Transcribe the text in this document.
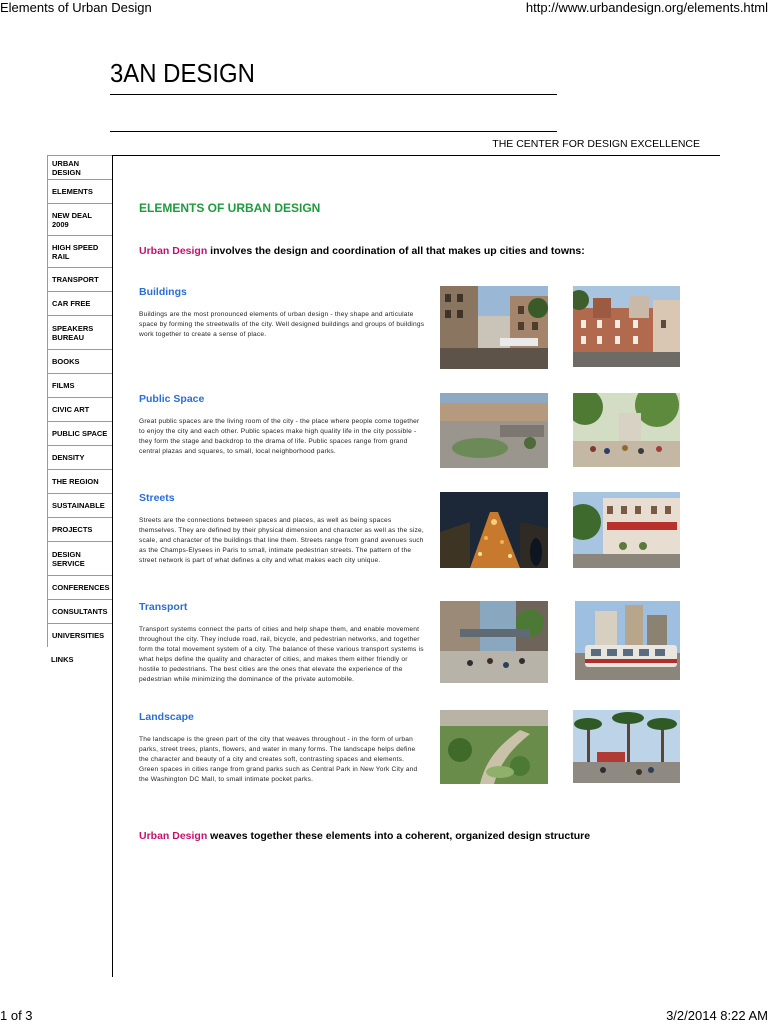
Elements of Urban Design	http://www.urbandesign.org/elements.html
3AN DESIGN
THE CENTER FOR DESIGN EXCELLENCE
URBAN DESIGN
ELEMENTS
NEW DEAL 2009
HIGH SPEED RAIL
TRANSPORT
CAR FREE
SPEAKERS BUREAU
BOOKS
FILMS
CIVIC ART
PUBLIC SPACE
DENSITY
THE REGION
SUSTAINABLE
PROJECTS
DESIGN SERVICE
CONFERENCES
CONSULTANTS
UNIVERSITIES
LINKS
ELEMENTS OF URBAN DESIGN
Urban Design involves the design and coordination of all that makes up cities and towns:
Buildings
Buildings are the most pronounced elements of urban design - they shape and articulate space by forming the streetwalls of the city. Well designed buildings and groups of buildings work together to create a sense of place.
Public Space
Great public spaces are the living room of the city - the place where people come together to enjoy the city and each other. Public spaces make high quality life in the city possible - they form the stage and backdrop to the drama of life. Public spaces range from grand central plazas and squares, to small, local neighborhood parks.
Streets
Streets are the connections between spaces and places, as well as being spaces themselves. They are defined by their physical dimension and character as well as the size, scale, and character of the buildings that line them. Streets range from grand avenues such as the Champs-Elysees in Paris to small, intimate pedestrian streets. The pattern of the street network is part of what defines a city and what makes each city unique.
Transport
Transport systems connect the parts of cities and help shape them, and enable movement throughout the city. They include road, rail, bicycle, and pedestrian networks, and together form the total movement system of a city. The balance of these various transport systems is what helps define the quality and character of cities, and makes them either friendly or hostile to pedestrians. The best cities are the ones that elevate the experience of the pedestrian while minimizing the dominance of the private automobile.
Landscape
The landscape is the green part of the city that weaves throughout - in the form of urban parks, street trees, plants, flowers, and water in many forms. The landscape helps define the character and beauty of a city and creates soft, contrasting spaces and elements. Green spaces in cities range from grand parks such as Central Park in New York City and the Washington DC Mall, to small intimate pocket parks.
Urban Design weaves together these elements into a coherent, organized design structure
1 of 3	3/2/2014 8:22 AM
